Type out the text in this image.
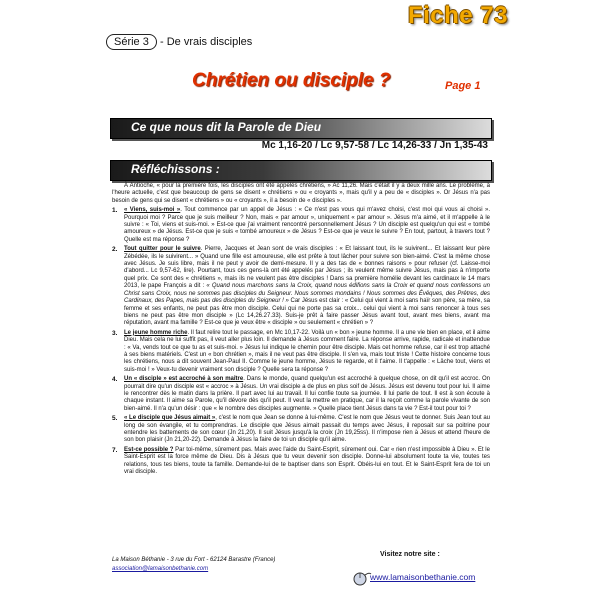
Fiche 73
Série 3	- De vrais disciples
Chrétien ou disciple ?	Page 1
Ce que nous dit la Parole de Dieu
Mc 1,16-20 / Lc 9,57-58 / Lc 14,26-33 / Jn 1,35-43
Réfléchissons :

À Antioche, « pour la première fois, les disciples ont été appelés chrétiens, » Ac 11,26. Mais c'était il y a deux mille ans. Le problème, à l'heure actuelle, c'est que beaucoup de gens se disent « chrétiens » ou « croyants », mais qu'il y a peu de « disciples ». Or Jésus n'a pas besoin de gens qui se disent « chrétiens » ou « croyants », il a besoin de « disciples ».

1. « Viens, suis-moi ». Tout commence par un appel de Jésus : « Ce n'est pas vous qui m'avez choisi, c'est moi qui vous ai choisi ». Pourquoi moi ? Parce que je suis meilleur ? Non, mais « par amour », uniquement « par amour ». Jésus m'a aimé, et il m'appelle à le suivre : « Toi, viens et suis-moi. » Est-ce que j'ai vraiment rencontré personnellement Jésus ? Un disciple est quelqu'un qui est « tombé amoureux » de Jésus. Est-ce que je suis « tombé amoureux » de Jésus ? Est-ce que je veux le suivre ? En tout, partout, à travers tout ? Quelle est ma réponse ?
2. Tout quitter pour le suivre. Pierre, Jacques et Jean sont de vrais disciples : « Et laissant tout, ils le suivirent... Et laissant leur père Zébédée, ils le suivirent... » Quand une fille est amoureuse, elle est prête à tout lâcher pour suivre son bien-aimé. C'est la même chose avec Jésus. Je suis libre, mais il ne peut y avoir de demi-mesure. Il y a des tas de « bonnes raisons » pour refuser (cf. Laisse-moi d'abord... Lc 9,57-62, lire). Pourtant, tous ces gens-là ont été appelés par Jésus ; ils veulent même suivre Jésus, mais pas à n'importe quel prix. Ce sont des « chrétiens », mais ils ne veulent pas être disciples ! Dans sa première homélie devant les cardinaux le 14 mars 2013, le pape François a dit : « Quand nous marchons sans la Croix, quand nous édifions sans la Croix et quand nous confessons un Christ sans Croix, nous ne sommes pas disciples du Seigneur. Nous sommes mondains ! Nous sommes des Évêques, des Prêtres, des Cardinaux, des Papes, mais pas des disciples du Seigneur ! » Car Jésus est clair : « Celui qui vient à moi sans haïr son père, sa mère, sa femme et ses enfants, ne peut pas être mon disciple. Celui qui ne porte pas sa croix... celui qui vient à moi sans renoncer à tous ses biens ne peut pas être mon disciple » (Lc 14,26.27.33). Suis-je prêt à faire passer Jésus avant tout, avant mes biens, avant ma réputation, avant ma famille ? Est-ce que je veux être « disciple » ou seulement « chrétien » ?
3. Le jeune homme riche. Il faut relire tout le passage, en Mc 10,17-22. Voilà un « bon » jeune homme. Il a une vie bien en place, et il aime Dieu. Mais cela ne lui suffit pas, il veut aller plus loin. Il demande à Jésus comment faire. La réponse arrive, rapide, radicale et inattendue : « Va, vends tout ce que tu as et suis-moi. » Jésus lui indique le chemin pour être disciple. Mais cet homme refuse, car il est trop attaché à ses biens matériels. C'est un « bon chrétien », mais il ne veut pas être disciple. Il s'en va, mais tout triste ! Cette histoire concerne tous les chrétiens, nous a dit souvent Jean-Paul II. Comme le jeune homme, Jésus te regarde, et il t'aime. Il t'appelle : « Lâche tout, viens et suis-moi ! » Veux-tu devenir vraiment son disciple ? Quelle sera ta réponse ?
4. Un « disciple » est accroché à son maître. Dans le monde, quand quelqu'un est accroché à quelque chose, on dit qu'il est accroc. On pourrait dire qu'un disciple est « accroc » à Jésus. Un vrai disciple a de plus en plus soif de Jésus. Jésus est devenu tout pour lui. Il aime le rencontrer dès le matin dans la prière. Il part avec lui au travail. Il lui confie toute sa journée. Il lui parle de tout. Il est à son écoute à chaque instant. Il aime sa Parole, qu'il dévore dès qu'il peut. Il veut la mettre en pratique, car il la reçoit comme la parole vivante de son bien-aimé. Il n'a qu'un désir : que « le nombre des disciples augmente. » Quelle place tient Jésus dans ta vie ? Est-il tout pour toi ?
5. « Le disciple que Jésus aimait », c'est le nom que Jean se donne à lui-même. C'est le nom que Jésus veut te donner. Suis Jean tout au long de son évangile, et tu comprendras. Le disciple que Jésus aimait passait du temps avec Jésus, il reposait sur sa poitrine pour entendre les battements de son cœur (Jn 21,20). Il suit Jésus jusqu'à la croix (Jn 19,25ss). Il n'impose rien à Jésus et attend l'heure de son bon plaisir (Jn 21,20-22). Demande à Jésus la faire de toi un disciple qu'il aime.
7. Est-ce possible ? Par toi-même, sûrement pas. Mais avec l'aide du Saint-Esprit, sûrement oui. Car « rien n'est impossible à Dieu ». Et le Saint-Esprit est la force même de Dieu. Dis à Jésus que tu veux devenir son disciple. Donne-lui absolument toute ta vie, toutes tes relations, tous tes biens, toute ta famille. Demande-lui de te baptiser dans son Esprit. Obéis-lui en tout. Et le Saint-Esprit fera de toi un vrai disciple.
La Maison Béthanie - 3 rue du Fort - 62124 Barastre (France)
association@lamaisonbethanie.com
Visitez notre site :
www.lamaisonbethanie.com
